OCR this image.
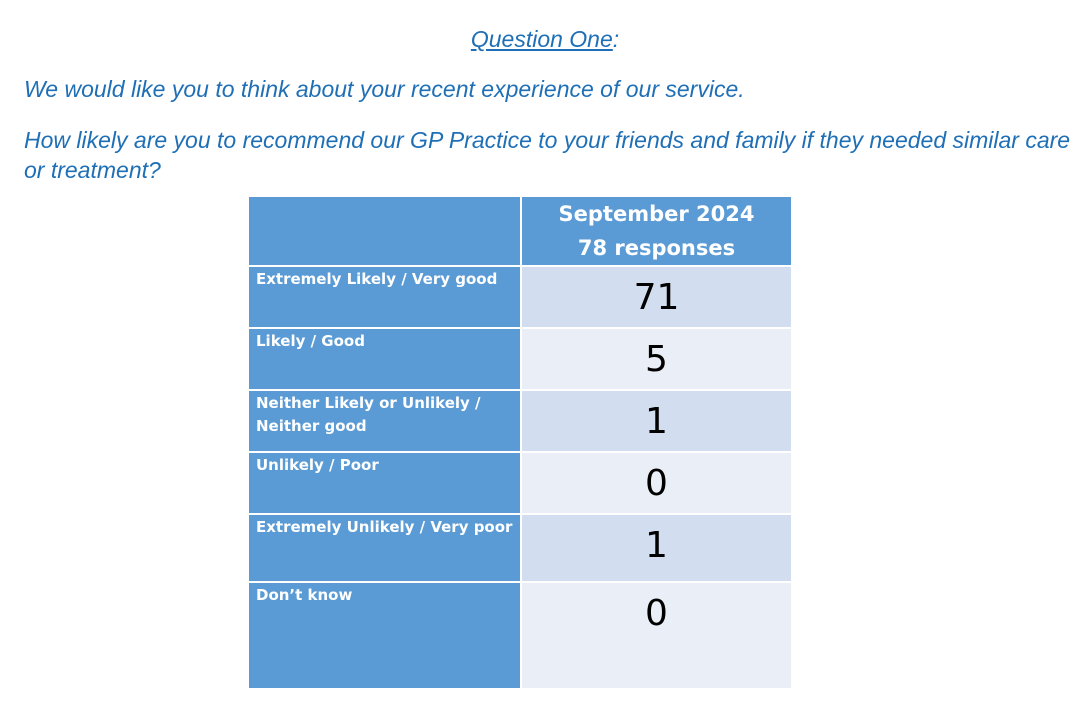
Question One:

We would like you to think about your recent experience of our service.

How likely are you to recommend our GP Practice to your friends and family if they needed similar care or treatment?

	September 2024
78 responses

Extremely Likely / Very good	71
Likely / Good	5
Neither Likely or Unlikely / Neither good	1
Unlikely / Poor	0
Extremely Unlikely / Very poor	1
Don’t know	0
